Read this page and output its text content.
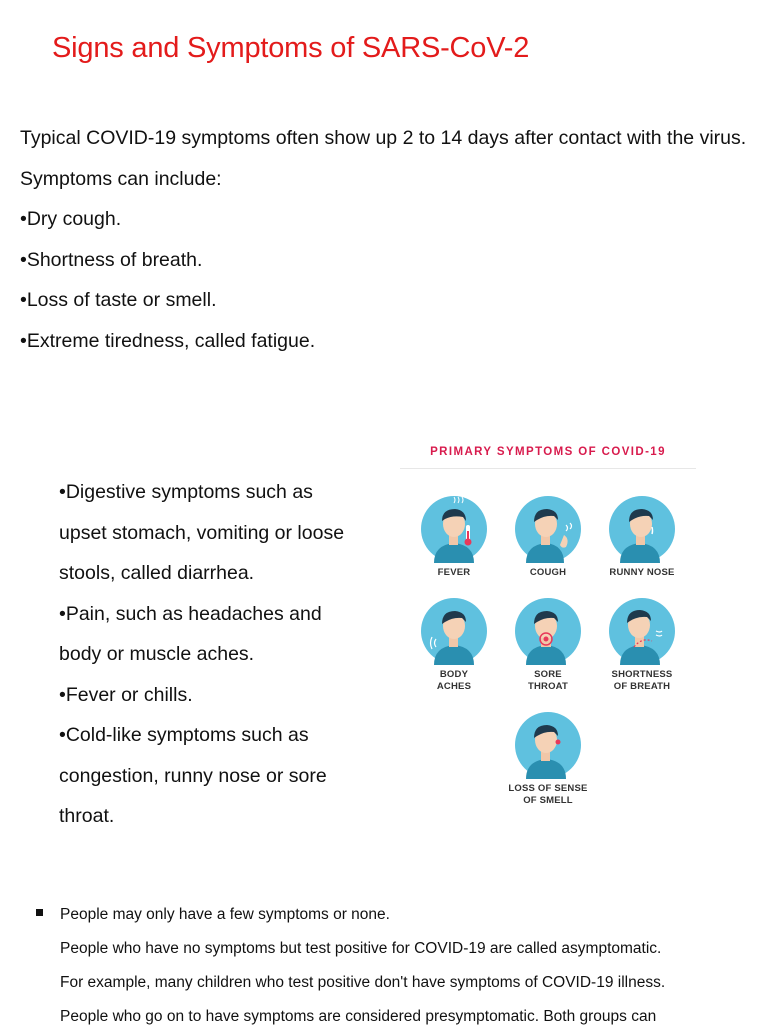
Signs and Symptoms of SARS-CoV-2

Typical COVID-19 symptoms often show up 2 to 14 days after contact with the virus.

Symptoms can include:

•Dry cough.

•Shortness of breath.

•Loss of taste or smell.

•Extreme tiredness, called fatigue.

•Digestive symptoms such as upset stomach, vomiting or loose stools, called diarrhea.

•Pain, such as headaches and body or muscle aches.

•Fever or chills.

•Cold-like symptoms such as congestion, runny nose or sore throat.

PRIMARY SYMPTOMS OF COVID-19
FEVER	COUGH	RUNNY NOSE
BODY
ACHES
SORE
THROAT
SHORTNESS
OF BREATH
LOSS OF SENSE
OF SMELL
People may only have a few symptoms or none.

People who have no symptoms but test positive for COVID-19 are called asymptomatic.

For example, many children who test positive don't have symptoms of COVID-19 illness.

People who go on to have symptoms are considered presymptomatic. Both groups can
